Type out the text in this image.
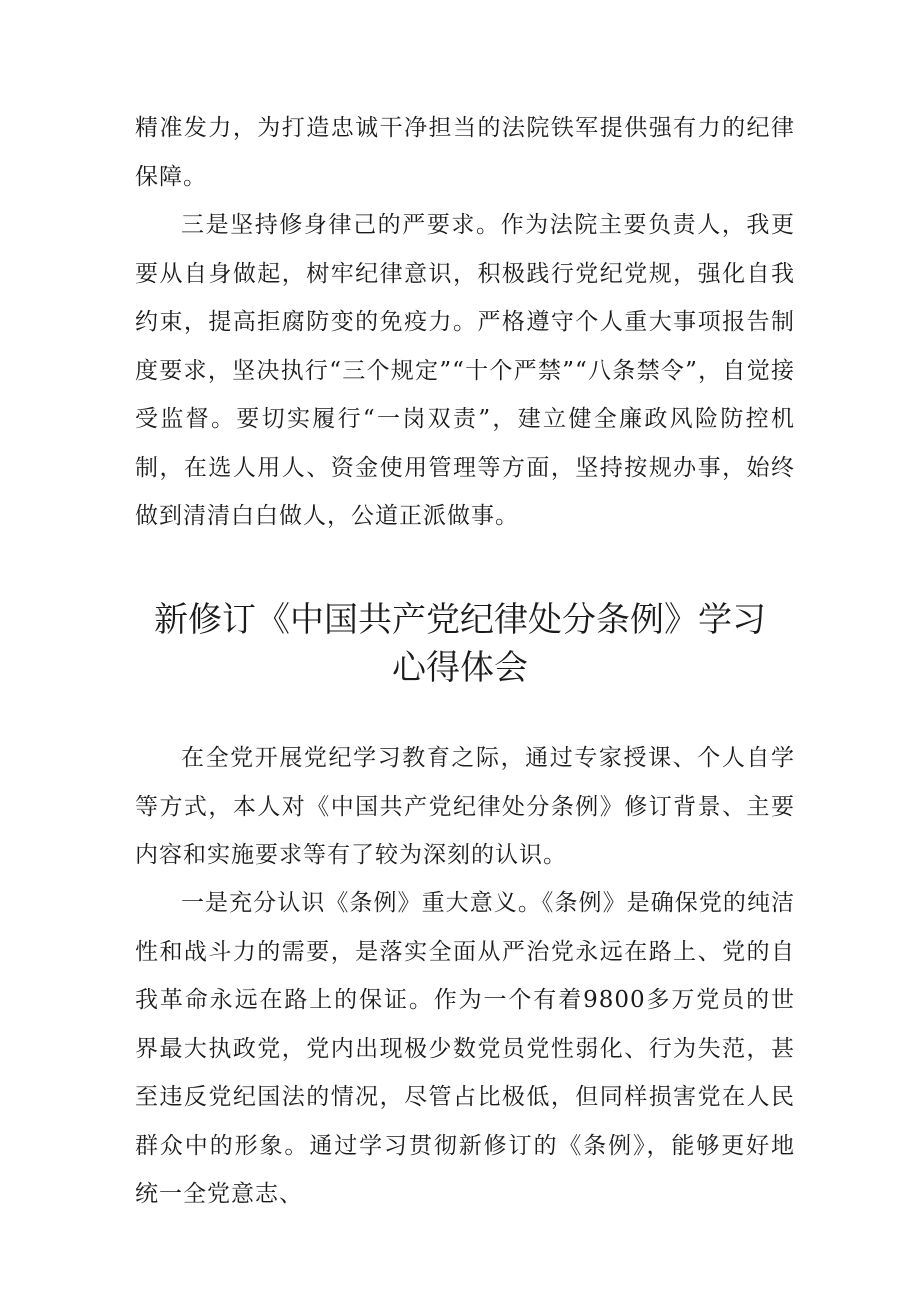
精准发力，为打造忠诚干净担当的法院铁军提供强有力的纪律保障。

三是坚持修身律己的严要求。作为法院主要负责人，我更要从自身做起，树牢纪律意识，积极践行党纪党规，强化自我约束，提高拒腐防变的免疫力。严格遵守个人重大事项报告制度要求，坚决执行“三个规定”“十个严禁”“八条禁令”，自觉接受监督。要切实履行“一岗双责”，建立健全廉政风险防控机制，在选人用人、资金使用管理等方面，坚持按规办事，始终做到清清白白做人，公道正派做事。

新修订《中国共产党纪律处分条例》学习
心得体会

在全党开展党纪学习教育之际，通过专家授课、个人自学等方式，本人对《中国共产党纪律处分条例》修订背景、主要内容和实施要求等有了较为深刻的认识。

一是充分认识《条例》重大意义。《条例》是确保党的纯洁性和战斗力的需要，是落实全面从严治党永远在路上、党的自我革命永远在路上的保证。作为一个有着9800多万党员的世界最大执政党，党内出现极少数党员党性弱化、行为失范，甚至违反党纪国法的情况，尽管占比极低，但同样损害党在人民群众中的形象。通过学习贯彻新修订的《条例》，能够更好地统一全党意志、
